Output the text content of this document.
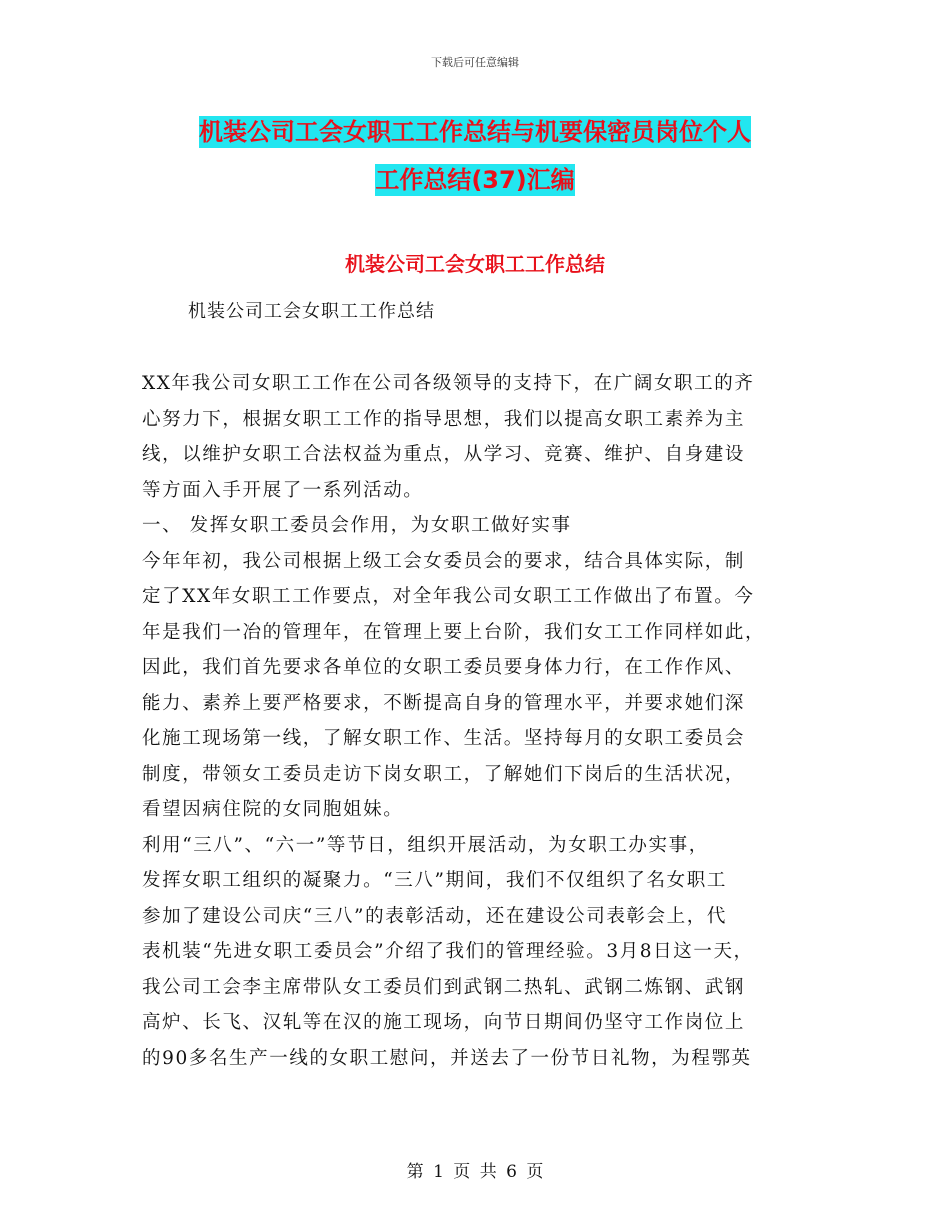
下载后可任意编辑
机装公司工会女职工工作总结与机要保密员岗位个人
工作总结(37)汇编
机装公司工会女职工工作总结
机装公司工会女职工工作总结
XX年我公司女职工工作在公司各级领导的支持下，在广阔女职工的齐
心努力下，根据女职工工作的指导思想，我们以提高女职工素养为主
线，以维护女职工合法权益为重点，从学习、竞赛、维护、自身建设
等方面入手开展了一系列活动。
一、 发挥女职工委员会作用，为女职工做好实事
今年年初，我公司根据上级工会女委员会的要求，结合具体实际，制
定了XX年女职工工作要点，对全年我公司女职工工作做出了布置。今
年是我们一冶的管理年，在管理上要上台阶，我们女工工作同样如此，
因此，我们首先要求各单位的女职工委员要身体力行，在工作作风、
能力、素养上要严格要求，不断提高自身的管理水平，并要求她们深
化施工现场第一线，了解女职工作、生活。坚持每月的女职工委员会
制度，带领女工委员走访下岗女职工，了解她们下岗后的生活状况，
看望因病住院的女同胞姐妹。
利用“三八”、“六一”等节日，组织开展活动，为女职工办实事，
发挥女职工组织的凝聚力。“三八”期间，我们不仅组织了名女职工
参加了建设公司庆“三八”的表彰活动，还在建设公司表彰会上，代
表机装“先进女职工委员会”介绍了我们的管理经验。3月8日这一天，
我公司工会李主席带队女工委员们到武钢二热轧、武钢二炼钢、武钢
高炉、长飞、汉轧等在汉的施工现场，向节日期间仍坚守工作岗位上
的90多名生产一线的女职工慰问，并送去了一份节日礼物，为程鄂英
第 1 页 共 6 页
